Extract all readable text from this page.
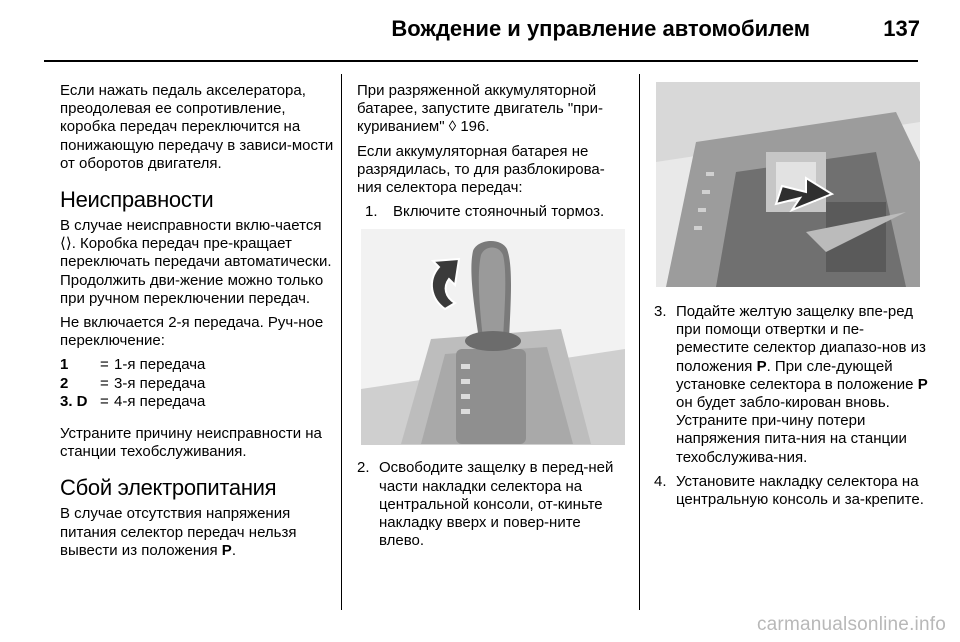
Вождение и управление автомобилем	137

Если нажать педаль акселератора, преодолевая ее сопротивление, коробка передач переключится на понижающую передачу в зависи-мости от оборотов двигателя.

Неисправности

В случае неисправности вклю-чается ⟨⟩. Коробка передач пре-кращает переключать передачи автоматически. Продолжить дви-жение можно только при ручном переключении передач.

Не включается 2-я передача. Руч-ное переключение:

1	= 1-я передача
2	= 3-я передача
3. D = 4-я передача

Устраните причину неисправности на станции техобслуживания.

Сбой электропитания

В случае отсутствия напряжения питания селектор передач нельзя вывести из положения P.

При разряженной аккумуляторной батарее, запустите двигатель "при-куриванием" ◊ 196.

Если аккумуляторная батарея не разрядилась, то для разблокирова-ния селектора передач:

1. Включите стояночный тормоз.
2. Освободите защелку в перед-ней части накладки селектора на центральной консоли, от-киньте накладку вверх и повер-ните влево.
3. Подайте желтую защелку впе-ред при помощи отвертки и пе-реместите селектор диапазо-нов из положения P. При сле-дующей установке селектора в положение P он будет забло-кирован вновь. Устраните при-чину потери напряжения пита-ния на станции техобслужива-ния.
4. Установите накладку селектора на центральную консоль и за-крепите.
carmanualsonline.info
